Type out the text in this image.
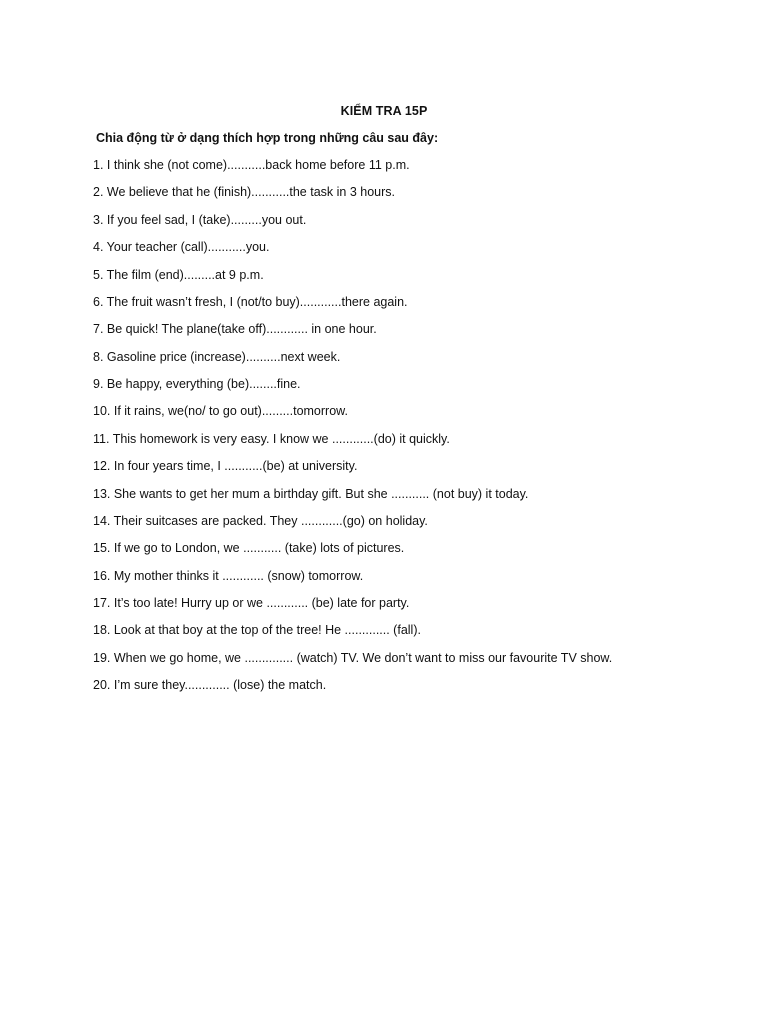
KIỂM TRA 15P
Chia động từ ở dạng thích hợp trong những câu sau đây:
1. I think she (not come)...........back home before 11 p.m.
2. We believe that he (finish)...........the task in 3 hours.
3. If you feel sad, I (take).........you out.
4. Your teacher (call)...........you.
5. The film (end).........at 9 p.m.
6. The fruit wasn’t fresh, I (not/to buy)............there again.
7. Be quick! The plane(take off)............ in one hour.
8. Gasoline price (increase)..........next week.
9. Be happy, everything (be)........fine.
10. If it rains, we(no/ to go out).........tomorrow.
11. This homework is very easy. I know we ............(do) it quickly.
12. In four years time, I ...........(be) at university.
13. She wants to get her mum a birthday gift. But she ........... (not buy) it today.
14. Their suitcases are packed. They ............(go) on holiday.
15. If we go to London, we ........... (take) lots of pictures.
16. My mother thinks it ............ (snow) tomorrow.
17. It’s too late! Hurry up or we ............ (be) late for party.
18. Look at that boy at the top of the tree! He ............. (fall).
19. When we go home, we .............. (watch) TV. We don’t want to miss our favourite TV show.
20. I’m sure they............. (lose) the match.
